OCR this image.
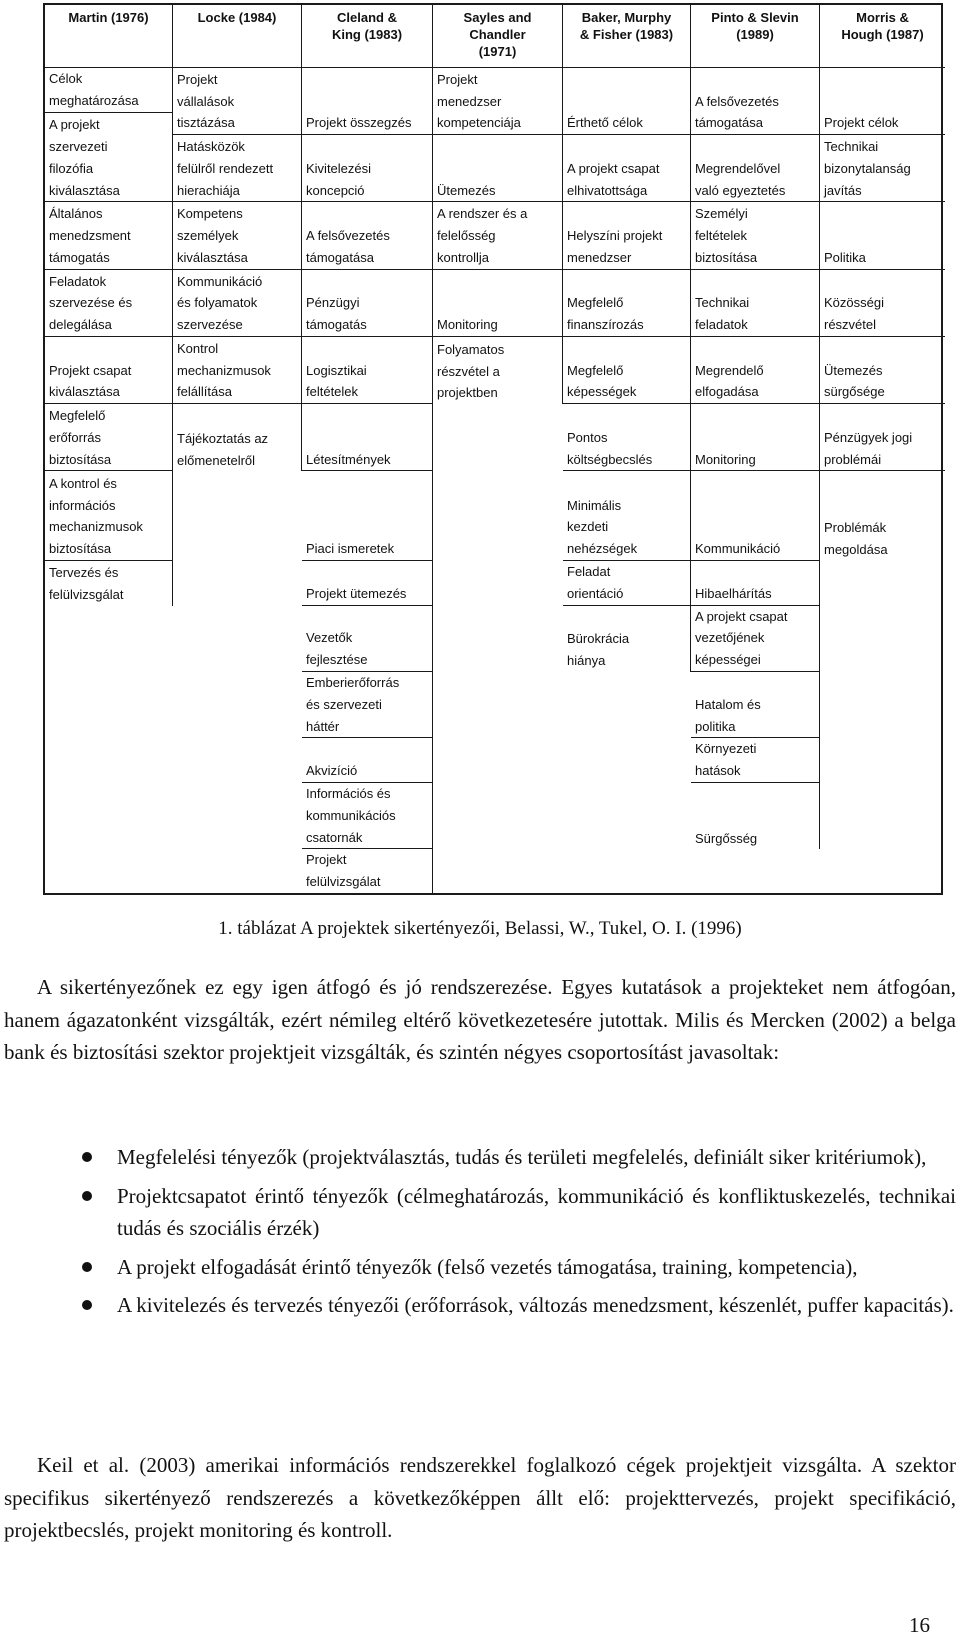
Martin (1976)	Locke (1984)	Cleland &
King (1983)
Sayles and
Chandler
(1971)
Baker, Murphy
& Fisher (1983)
Pinto & Slevin
(1989)
Morris &
Hough (1987)
Célok
meghatározása
A projekt
szervezeti
filozófia
kiválasztása
Általános
menedzsment
támogatás
Feladatok
szervezése és
delegálása
Projekt csapat
kiválasztása
Megfelelő
erőforrás
biztosítása
A kontrol és
információs
mechanizmusok
biztosítása
Tervezés és
felülvizsgálat
Projekt
vállalások
tisztázása
Hatásközök
felülről rendezett
hierachiája
Kompetens
személyek
kiválasztása
Kommunikáció
és folyamatok
szervezése
Kontrol
mechanizmusok
felállítása
Tájékoztatás az
előmenetelről
Projekt összegzés
Kivitelezési
koncepció
A felsővezetés
támogatása
Pénzügyi
támogatás
Logisztikai
feltételek
Létesítmények
Piaci ismeretek
Projekt ütemezés
Vezetők
fejlesztése
Emberierőforrás
és szervezeti
háttér
Akvizíció
Információs és
kommunikációs
csatornák
Projekt
felülvizsgálat
Projekt
menedzser
kompetenciája
Ütemezés
A rendszer és a
felelősség
kontrollja
Monitoring
Folyamatos
részvétel a
projektben
Érthető célok
A projekt csapat
elhivatottsága
Helyszíni projekt
menedzser
Megfelelő
finanszírozás
Megfelelő
képességek
Pontos
költségbecslés
Minimális
kezdeti
nehézségek
Feladat
orientáció
Bürokrácia
hiánya
A felsővezetés
támogatása
Megrendelővel
való egyeztetés
Személyi
feltételek
biztosítása
Technikai
feladatok
Megrendelő
elfogadása
Monitoring
Kommunikáció
Hibaelhárítás
A projekt csapat
vezetőjének
képességei
Hatalom és
politika
Környezeti
hatások
Sürgősség
Projekt célok
Technikai
bizonytalanság
javítás
Politika
Közösségi
részvétel
Ütemezés
sürgősége
Pénzügyek jogi
problémái
Problémák
megoldása
1. táblázat A projektek sikertényezői, Belassi, W., Tukel, O. I. (1996)

A sikertényezőnek ez egy igen átfogó és jó rendszerezése. Egyes kutatások a projekteket nem átfogóan, hanem ágazatonként vizsgálták, ezért némileg eltérő következetesére jutottak. Milis és Mercken (2002) a belga bank és biztosítási szektor projektjeit vizsgálták, és szintén négyes csoportosítást javasoltak:

Megfelelési tényezők (projektválasztás, tudás és területi megfelelés, definiált siker kritériumok),
Projektcsapatot érintő tényezők (célmeghatározás, kommunikáció és konfliktuskezelés, technikai tudás és szociális érzék)
A projekt elfogadását érintő tényezők (felső vezetés támogatása, training, kompetencia),
A kivitelezés és tervezés tényezői (erőforrások, változás menedzsment, készenlét, puffer kapacitás).

Keil et al. (2003) amerikai információs rendszerekkel foglalkozó cégek projektjeit vizsgálta. A szektor specifikus sikertényező rendszerezés a következőképpen állt elő: projekttervezés, projekt specifikáció, projektbecslés, projekt monitoring és kontroll.

16
